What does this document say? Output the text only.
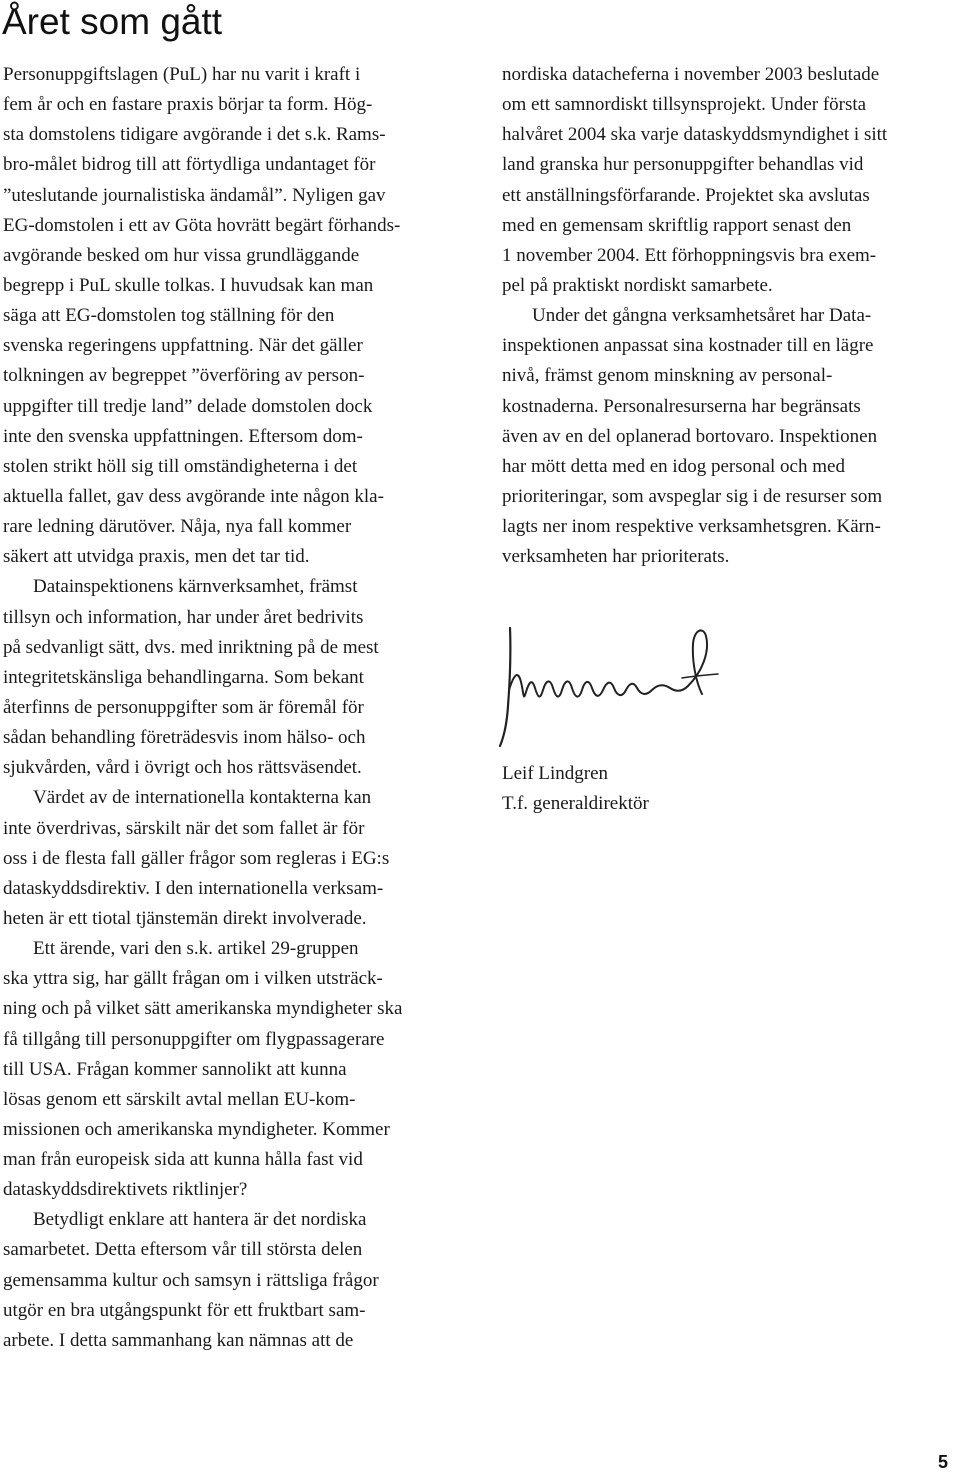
Året som gått
Personuppgiftslagen (PuL) har nu varit i kraft i
fem år och en fastare praxis börjar ta form. Hög-
sta domstolens tidigare avgörande i det s.k. Rams-
bro-målet bidrog till att förtydliga undantaget för
”uteslutande journalistiska ändamål”. Nyligen gav
EG-domstolen i ett av Göta hovrätt begärt förhands-
avgörande besked om hur vissa grundläggande
begrepp i PuL skulle tolkas. I huvudsak kan man
säga att EG-domstolen tog ställning för den
svenska regeringens uppfattning. När det gäller
tolkningen av begreppet ”överföring av person-
uppgifter till tredje land” delade domstolen dock
inte den svenska uppfattningen. Eftersom dom-
stolen strikt höll sig till omständigheterna i det
aktuella fallet, gav dess avgörande inte någon kla-
rare ledning därutöver. Nåja, nya fall kommer
säkert att utvidga praxis, men det tar tid.
Datainspektionens kärnverksamhet, främst
tillsyn och information, har under året bedrivits
på sedvanligt sätt, dvs. med inriktning på de mest
integritetskänsliga behandlingarna. Som bekant
återfinns de personuppgifter som är föremål för
sådan behandling företrädesvis inom hälso- och
sjukvården, vård i övrigt och hos rättsväsendet.
Värdet av de internationella kontakterna kan
inte överdrivas, särskilt när det som fallet är för
oss i de flesta fall gäller frågor som regleras i EG:s
dataskyddsdirektiv. I den internationella verksam-
heten är ett tiotal tjänstemän direkt involverade.
Ett ärende, vari den s.k. artikel 29-gruppen
ska yttra sig, har gällt frågan om i vilken utsträck-
ning och på vilket sätt amerikanska myndigheter ska
få tillgång till personuppgifter om flygpassagerare
till USA. Frågan kommer sannolikt att kunna
lösas genom ett särskilt avtal mellan EU-kom-
missionen och amerikanska myndigheter. Kommer
man från europeisk sida att kunna hålla fast vid
dataskyddsdirektivets riktlinjer?
Betydligt enklare att hantera är det nordiska
samarbetet. Detta eftersom vår till största delen
gemensamma kultur och samsyn i rättsliga frågor
utgör en bra utgångspunkt för ett fruktbart sam-
arbete. I detta sammanhang kan nämnas att de
nordiska datacheferna i november 2003 beslutade
om ett samnordiskt tillsynsprojekt. Under första
halvåret 2004 ska varje dataskyddsmyndighet i sitt
land granska hur personuppgifter behandlas vid
ett anställningsförfarande. Projektet ska avslutas
med en gemensam skriftlig rapport senast den
1 november 2004. Ett förhoppningsvis bra exem-
pel på praktiskt nordiskt samarbete.
Under det gångna verksamhetsåret har Data-
inspektionen anpassat sina kostnader till en lägre
nivå, främst genom minskning av personal-
kostnaderna. Personalresurserna har begränsats
även av en del oplanerad bortovaro. Inspektionen
har mött detta med en idog personal och med
prioriteringar, som avspeglar sig i de resurser som
lagts ner inom respektive verksamhetsgren. Kärn-
verksamheten har prioriterats.
Leif Lindgren
T.f. generaldirektör
5
